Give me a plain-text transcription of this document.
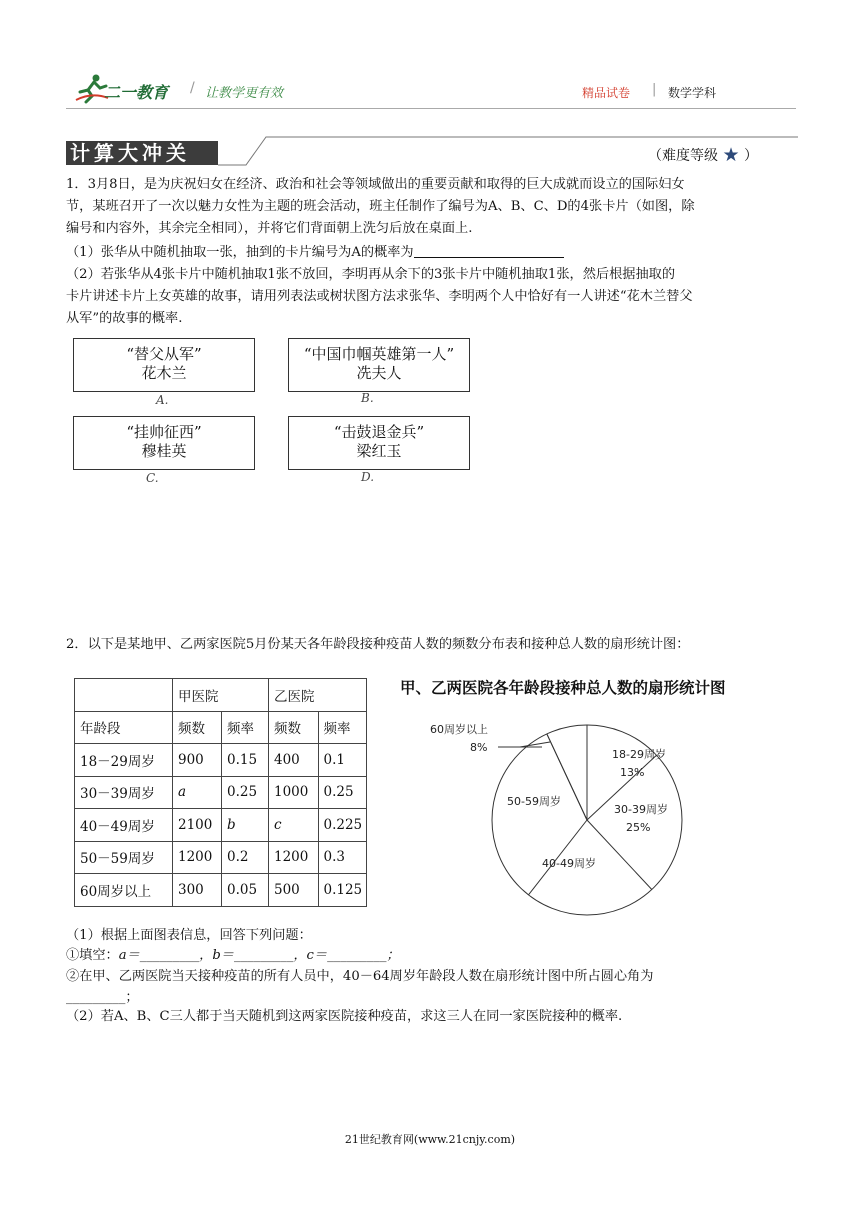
二一教育 / 让教学更有效	精品试卷 | 数学学科
计算大冲关	（难度等级 ★ ）
1．3月8日，是为庆祝妇女在经济、政治和社会等领域做出的重要贡献和取得的巨大成就而设立的国际妇女
节，某班召开了一次以魅力女性为主题的班会活动，班主任制作了编号为A、B、C、D的4张卡片（如图，除
编号和内容外，其余完全相同），并将它们背面朝上洗匀后放在桌面上.
（1）张华从中随机抽取一张，抽到的卡片编号为A的概率为
（2）若张华从4张卡片中随机抽取1张不放回，李明再从余下的3张卡片中随机抽取1张，然后根据抽取的
卡片讲述卡片上女英雄的故事，请用列表法或树状图方法求张华、李明两个人中恰好有一人讲述“花木兰替父
从军”的故事的概率.
“替父从军”
花木兰
A.
“中国巾帼英雄第一人”
冼夫人
B.
“挂帅征西”
穆桂英
C.
“击鼓退金兵”
梁红玉
D.
2．以下是某地甲、乙两家医院5月份某天各年龄段接种疫苗人数的频数分布表和接种总人数的扇形统计图：
	甲医院		乙医院	
年龄段	频数	频率	频数	频率
18－29周岁	900	0.15	400	0.1
30－39周岁	a	0.25	1000	0.25
40－49周岁	2100	b	c	0.225
50－59周岁	1200	0.2	1200	0.3
60周岁以上	300	0.05	500	0.125
甲、乙两医院各年龄段接种总人数的扇形统计图
18-29周岁
13%
30-39周岁
25%
40-49周岁
50-59周岁
60周岁以上
8%
（1）根据上面图表信息，回答下列问题：
①填空：a＝_________，b＝_________，c＝_________；
②在甲、乙两医院当天接种疫苗的所有人员中，40－64周岁年龄段人数在扇形统计图中所占圆心角为
_________；
（2）若A、B、C三人都于当天随机到这两家医院接种疫苗，求这三人在同一家医院接种的概率.
21世纪教育网(www.21cnjy.com)
